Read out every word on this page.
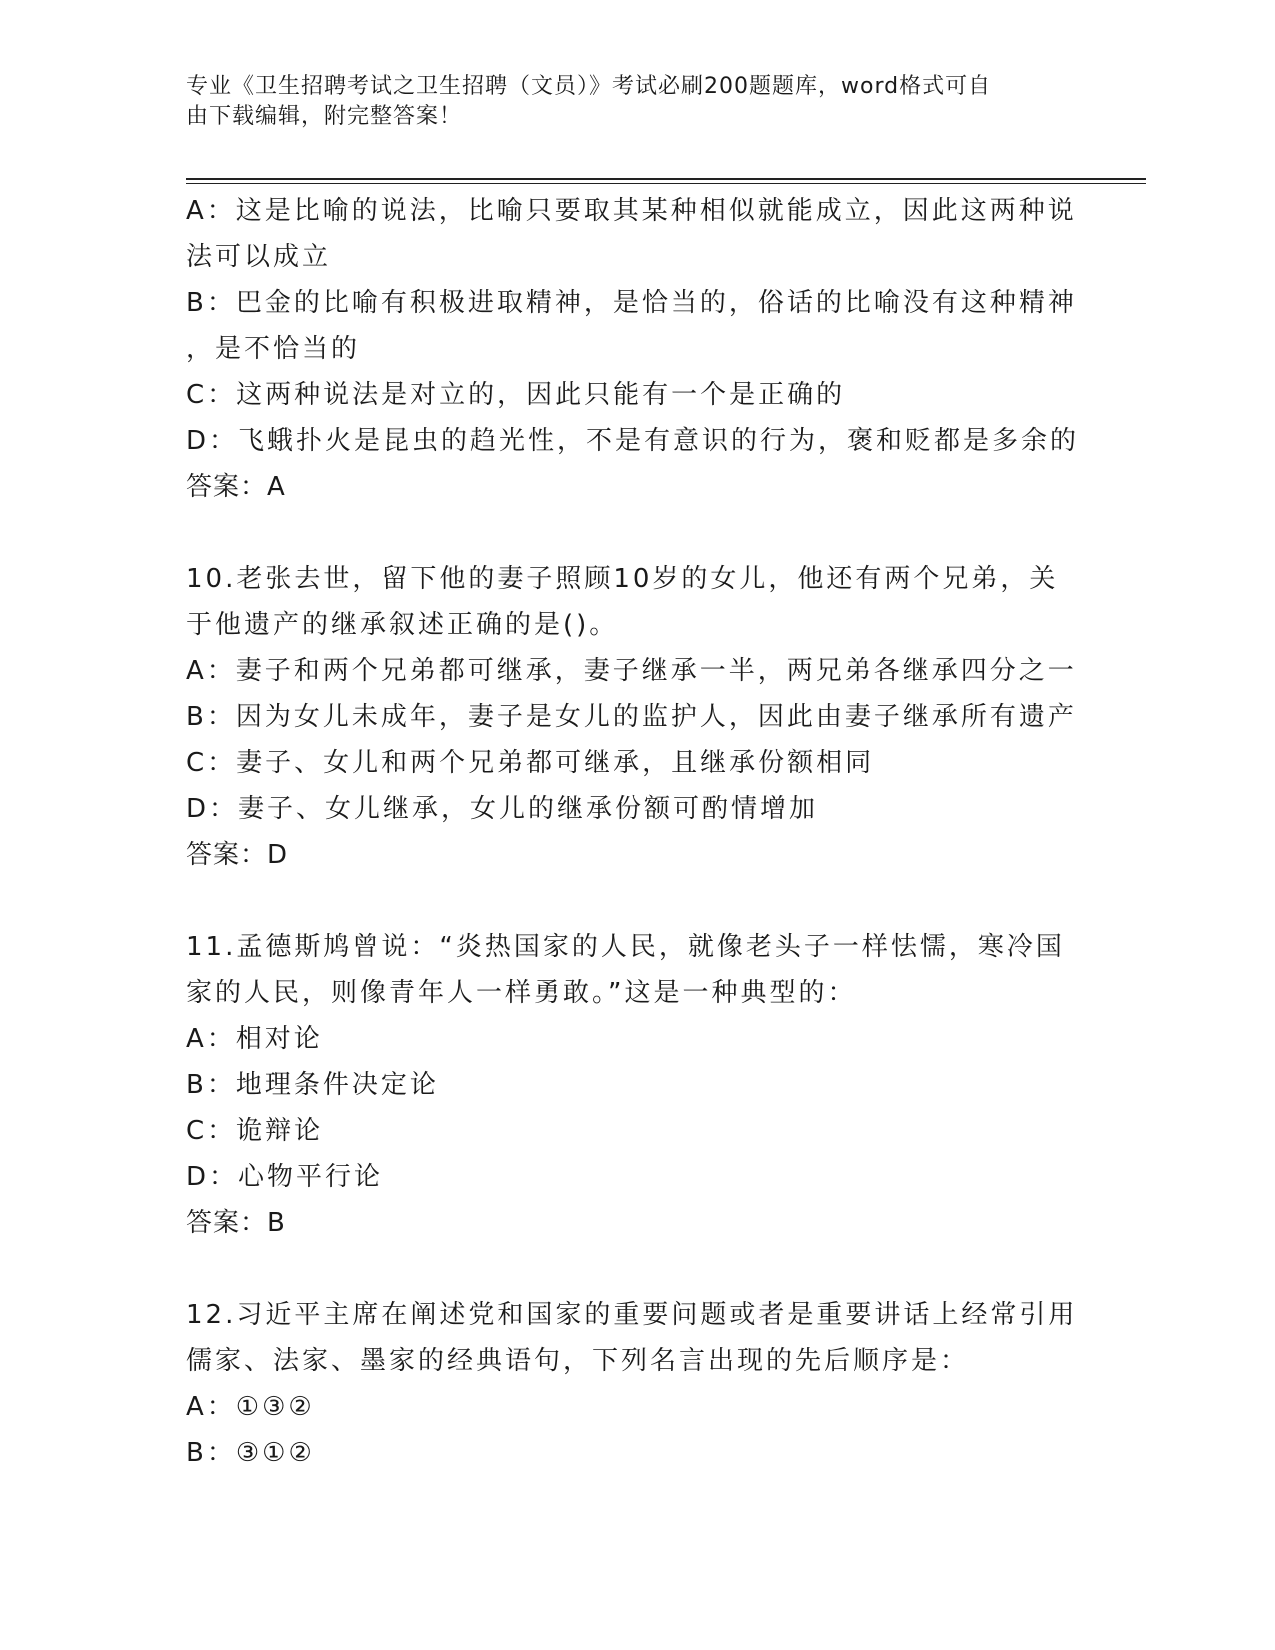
专业《卫生招聘考试之卫生招聘（文员）》考试必刷200题题库，word格式可自
由下载编辑，附完整答案！
A：这是比喻的说法，比喻只要取其某种相似就能成立，因此这两种说
法可以成立
B：巴金的比喻有积极进取精神，是恰当的，俗话的比喻没有这种精神
，是不恰当的
C：这两种说法是对立的，因此只能有一个是正确的
D：飞蛾扑火是昆虫的趋光性，不是有意识的行为，褒和贬都是多余的
答案：A
10.老张去世，留下他的妻子照顾10岁的女儿，他还有两个兄弟，关
于他遗产的继承叙述正确的是()。
A：妻子和两个兄弟都可继承，妻子继承一半，两兄弟各继承四分之一
B：因为女儿未成年，妻子是女儿的监护人，因此由妻子继承所有遗产
C：妻子、女儿和两个兄弟都可继承，且继承份额相同
D：妻子、女儿继承，女儿的继承份额可酌情增加
答案：D
11.孟德斯鸠曾说：“炎热国家的人民，就像老头子一样怯懦，寒冷国
家的人民，则像青年人一样勇敢。”这是一种典型的：
A：相对论
B：地理条件决定论
C：诡辩论
D：心物平行论
答案：B
12.习近平主席在阐述党和国家的重要问题或者是重要讲话上经常引用
儒家、法家、墨家的经典语句，下列名言出现的先后顺序是：
A：①③②
B：③①②
